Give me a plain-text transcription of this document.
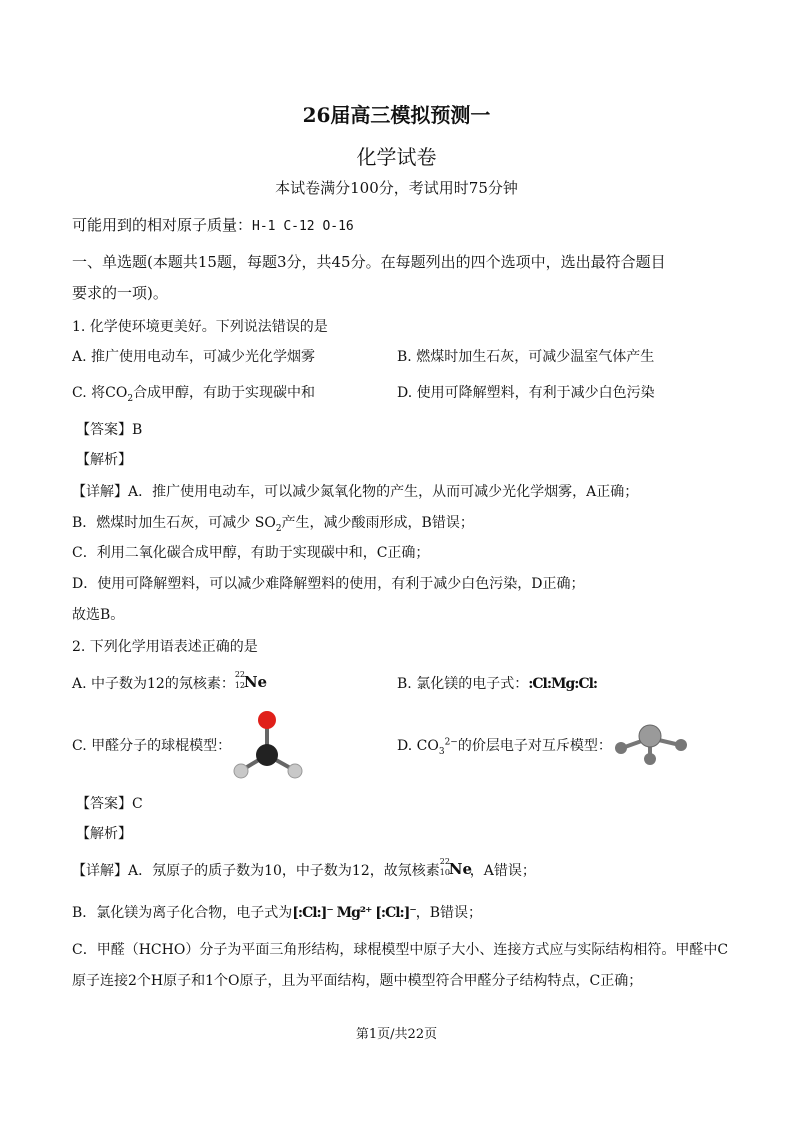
26届高三模拟预测一
化学试卷
本试卷满分100分，考试用时75分钟
可能用到的相对原子质量：H-1 C-12 O-16
一、单选题(本题共15题，每题3分，共45分。在每题列出的四个选项中，选出最符合题目
要求的一项)。
1. 化学使环境更美好。下列说法错误的是
A. 推广使用电动车，可减少光化学烟雾	B. 燃煤时加生石灰，可减少温室气体产生
C. 将$CO_2$合成甲醇，有助于实现碳中和	D. 使用可降解塑料，有利于减少白色污染
【答案】B
【解析】
【详解】A．推广使用电动车，可以减少氮氧化物的产生，从而可减少光化学烟雾，A正确；
B．燃煤时加生石灰，可减少 $SO_2$产生，减少酸雨形成，B错误；
C．利用二氧化碳合成甲醇，有助于实现碳中和，C正确；
D．使用可降解塑料，可以减少难降解塑料的使用，有利于减少白色污染，D正确；
故选B。
2. 下列化学用语表述正确的是
A. 中子数为12的氖核素：
22
12
Ne	B. 氯化镁的电子式：:Cl:Mg:Cl:
C. 甲醛分子的球棍模型：	D. $CO_3^{2-}$的价层电子对互斥模型：
【答案】C
【解析】
【详解】A．氖原子的质子数为10，中子数为12，故氖核素
22
10
Ne
，A错误；
B．氯化镁为离子化合物，电子式为[:Cl:]⁻ Mg²⁺ [:Cl:]⁻，B错误；
C．甲醛（HCHO）分子为平面三角形结构，球棍模型中原子大小、连接方式应与实际结构相符。甲醛中C
原子连接2个H原子和1个O原子，且为平面结构，题中模型符合甲醛分子结构特点，C正确；
第1页/共22页
